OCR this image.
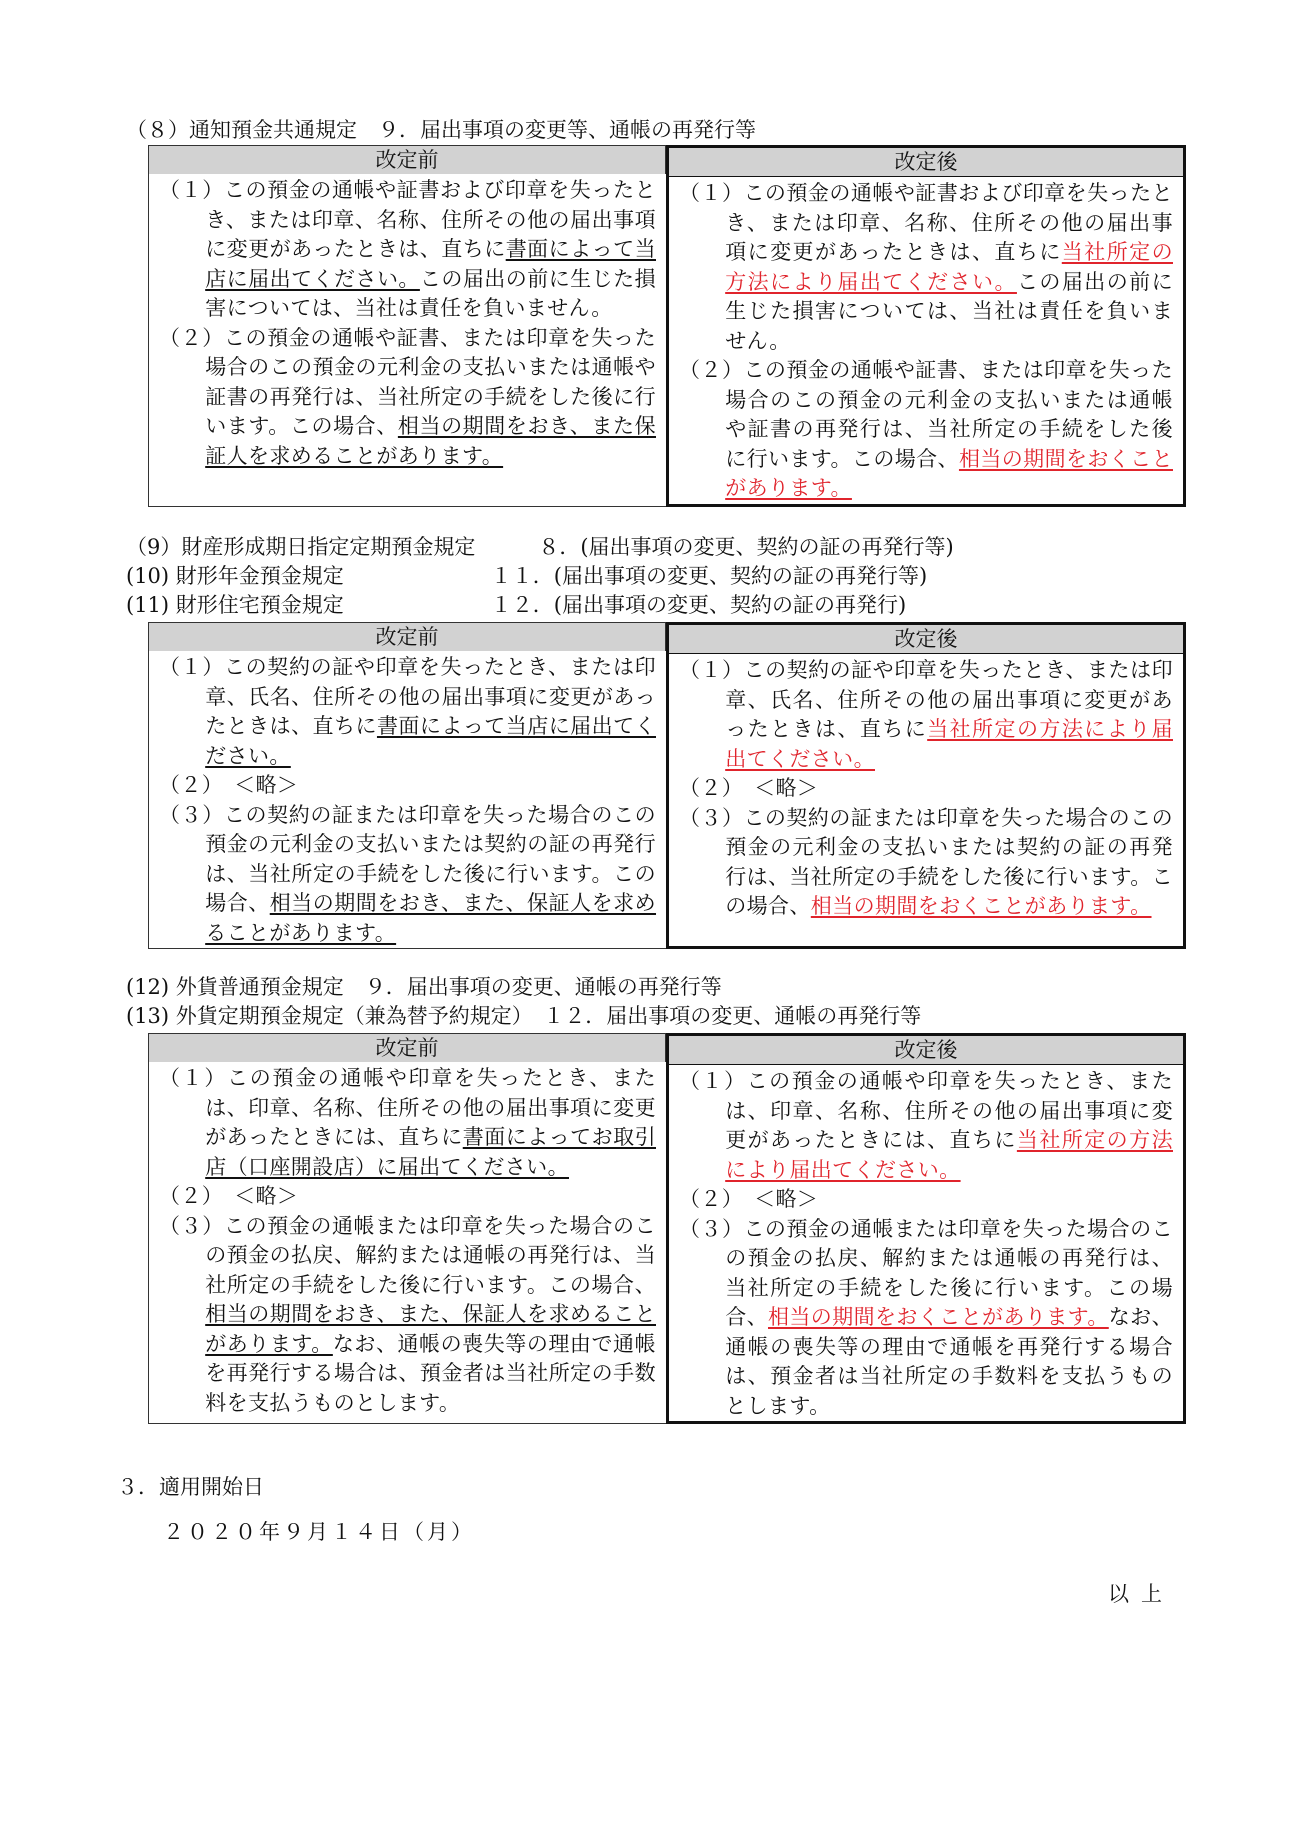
（８）通知預金共通規定　９．届出事項の変更等、通帳の再発行等
改定前

（１）この預金の通帳や証書および印章を失ったとき、または印章、名称、住所その他の届出事項に変更があったときは、直ちに書面によって当店に届出てください。この届出の前に生じた損害については、当社は責任を負いません。

（２）この預金の通帳や証書、または印章を失った場合のこの預金の元利金の支払いまたは通帳や証書の再発行は、当社所定の手続をした後に行います。この場合、相当の期間をおき、また保証人を求めることがあります。

改定後

（１）この預金の通帳や証書および印章を失ったとき、または印章、名称、住所その他の届出事項に変更があったときは、直ちに当社所定の方法により届出てください。この届出の前に生じた損害については、当社は責任を負いません。

（２）この預金の通帳や証書、または印章を失った場合のこの預金の元利金の支払いまたは通帳や証書の再発行は、当社所定の手続をした後に行います。この場合、相当の期間をおくことがあります。

（9）財産形成期日指定定期預金規定　　　８．(届出事項の変更、契約の証の再発行等)
(10) 財形年金預金規定　　　　　　　１１．(届出事項の変更、契約の証の再発行等)
(11) 財形住宅預金規定　　　　　　　１２．(届出事項の変更、契約の証の再発行)
改定前

（１）この契約の証や印章を失ったとき、または印章、氏名、住所その他の届出事項に変更があったときは、直ちに書面によって当店に届出てください。

（２）　＜略＞

（３）この契約の証または印章を失った場合のこの預金の元利金の支払いまたは契約の証の再発行は、当社所定の手続をした後に行います。この場合、相当の期間をおき、また、保証人を求めることがあります。

改定後

（１）この契約の証や印章を失ったとき、または印章、氏名、住所その他の届出事項に変更があったときは、直ちに当社所定の方法により届出てください。

（２）　＜略＞

（３）この契約の証または印章を失った場合のこの預金の元利金の支払いまたは契約の証の再発行は、当社所定の手続をした後に行います。この場合、相当の期間をおくことがあります。

(12) 外貨普通預金規定　９．届出事項の変更、通帳の再発行等
(13) 外貨定期預金規定（兼為替予約規定）　１２．届出事項の変更、通帳の再発行等
改定前

（１）この預金の通帳や印章を失ったとき、または、印章、名称、住所その他の届出事項に変更があったときには、直ちに書面によってお取引店（口座開設店）に届出てください。

（２）　＜略＞

（３）この預金の通帳または印章を失った場合のこの預金の払戻、解約または通帳の再発行は、当社所定の手続をした後に行います。この場合、相当の期間をおき、また、保証人を求めることがあります。なお、通帳の喪失等の理由で通帳を再発行する場合は、預金者は当社所定の手数料を支払うものとします。

改定後

（１）この預金の通帳や印章を失ったとき、または、印章、名称、住所その他の届出事項に変更があったときには、直ちに当社所定の方法により届出てください。

（２）　＜略＞

（３）この預金の通帳または印章を失った場合のこの預金の払戻、解約または通帳の再発行は、当社所定の手続をした後に行います。この場合、相当の期間をおくことがあります。なお、通帳の喪失等の理由で通帳を再発行する場合は、預金者は当社所定の手数料を支払うものとします。

３．適用開始日
２０２０年９月１４日（月）
以上
